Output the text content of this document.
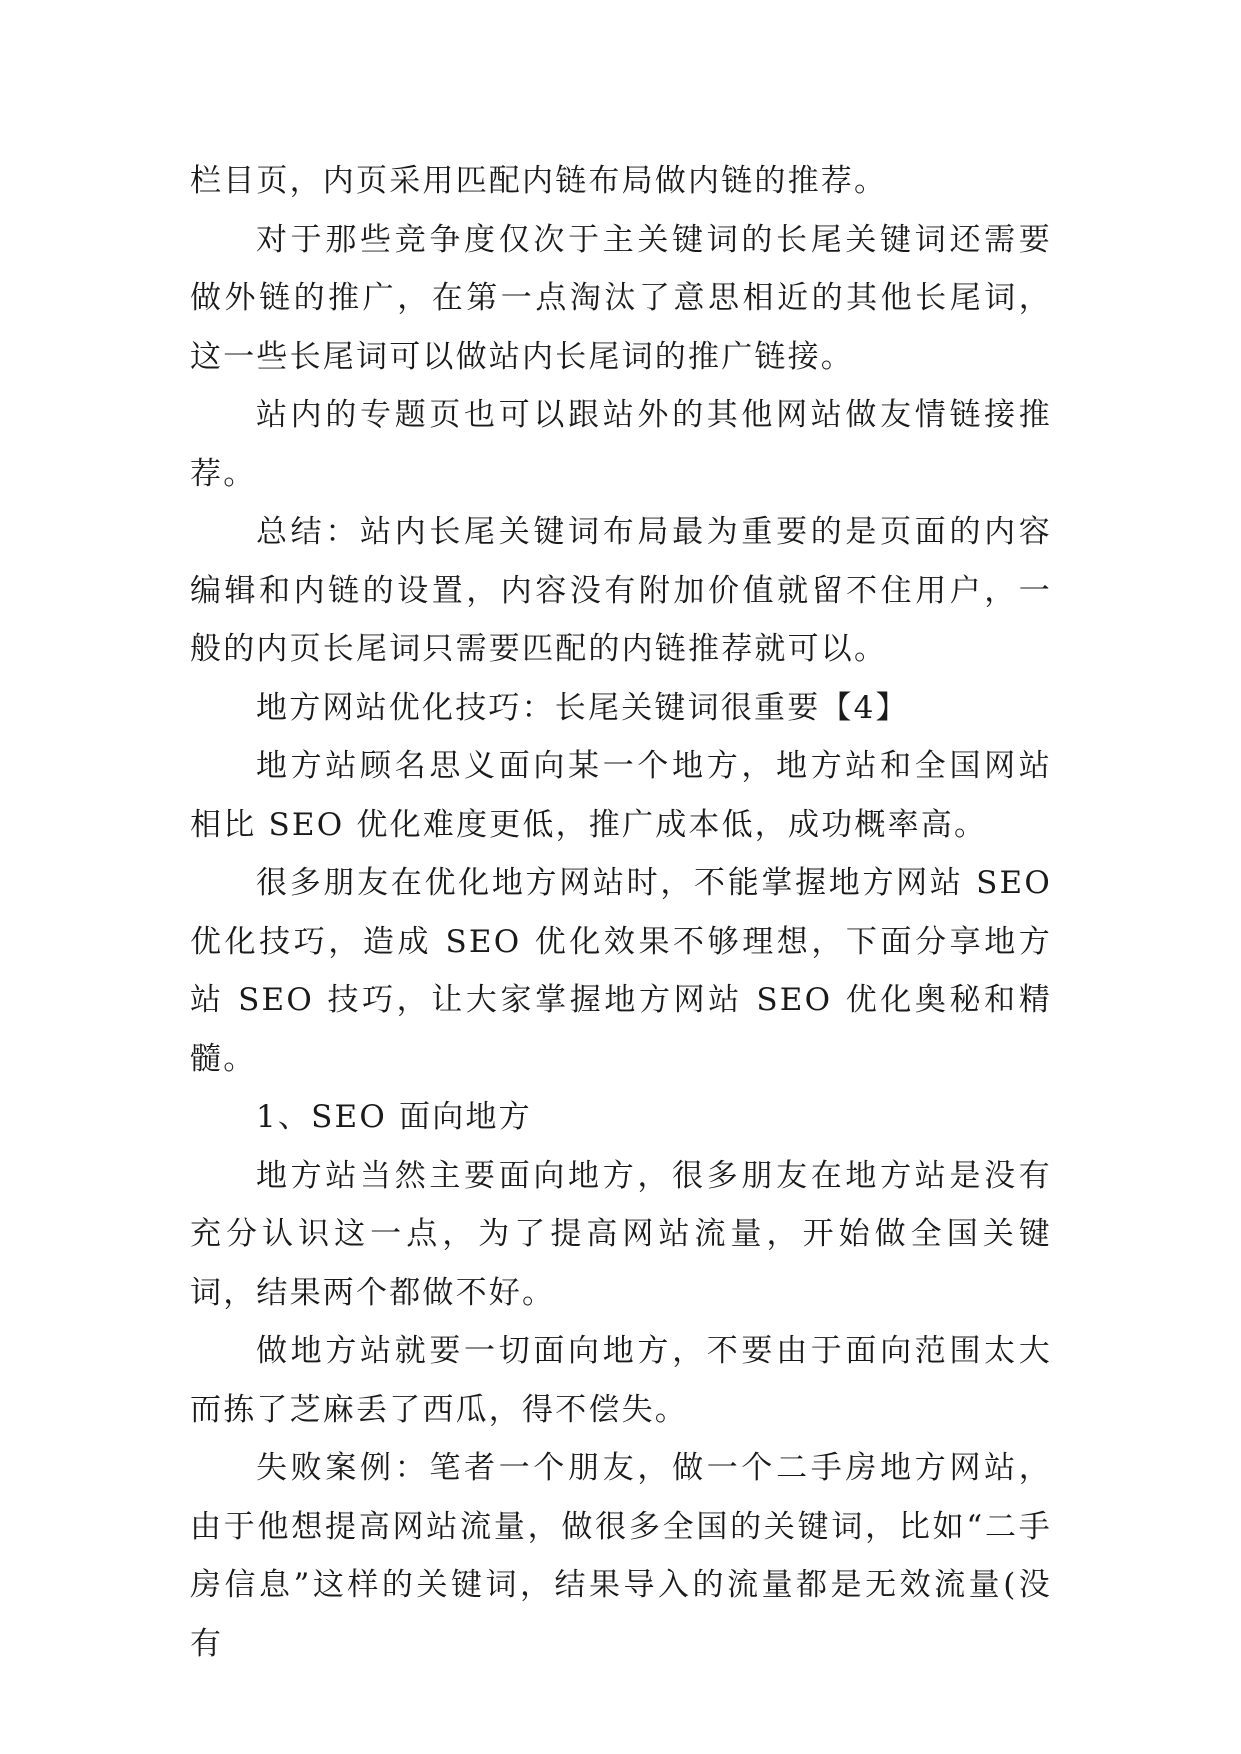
栏目页，内页采用匹配内链布局做内链的推荐。

对于那些竞争度仅次于主关键词的长尾关键词还需要做外链的推广，在第一点淘汰了意思相近的其他长尾词，这一些长尾词可以做站内长尾词的推广链接。

站内的专题页也可以跟站外的其他网站做友情链接推荐。

总结：站内长尾关键词布局最为重要的是页面的内容编辑和内链的设置，内容没有附加价值就留不住用户，一般的内页长尾词只需要匹配的内链推荐就可以。

地方网站优化技巧：长尾关键词很重要【4】

地方站顾名思义面向某一个地方，地方站和全国网站相比 SEO 优化难度更低，推广成本低，成功概率高。

很多朋友在优化地方网站时，不能掌握地方网站 SEO 优化技巧，造成 SEO 优化效果不够理想，下面分享地方站 SEO 技巧，让大家掌握地方网站 SEO 优化奥秘和精髓。

1、SEO 面向地方

地方站当然主要面向地方，很多朋友在地方站是没有充分认识这一点，为了提高网站流量，开始做全国关键词，结果两个都做不好。

做地方站就要一切面向地方，不要由于面向范围太大而拣了芝麻丢了西瓜，得不偿失。

失败案例：笔者一个朋友，做一个二手房地方网站，由于他想提高网站流量，做很多全国的关键词，比如“二手房信息”这样的关键词，结果导入的流量都是无效流量(没有
